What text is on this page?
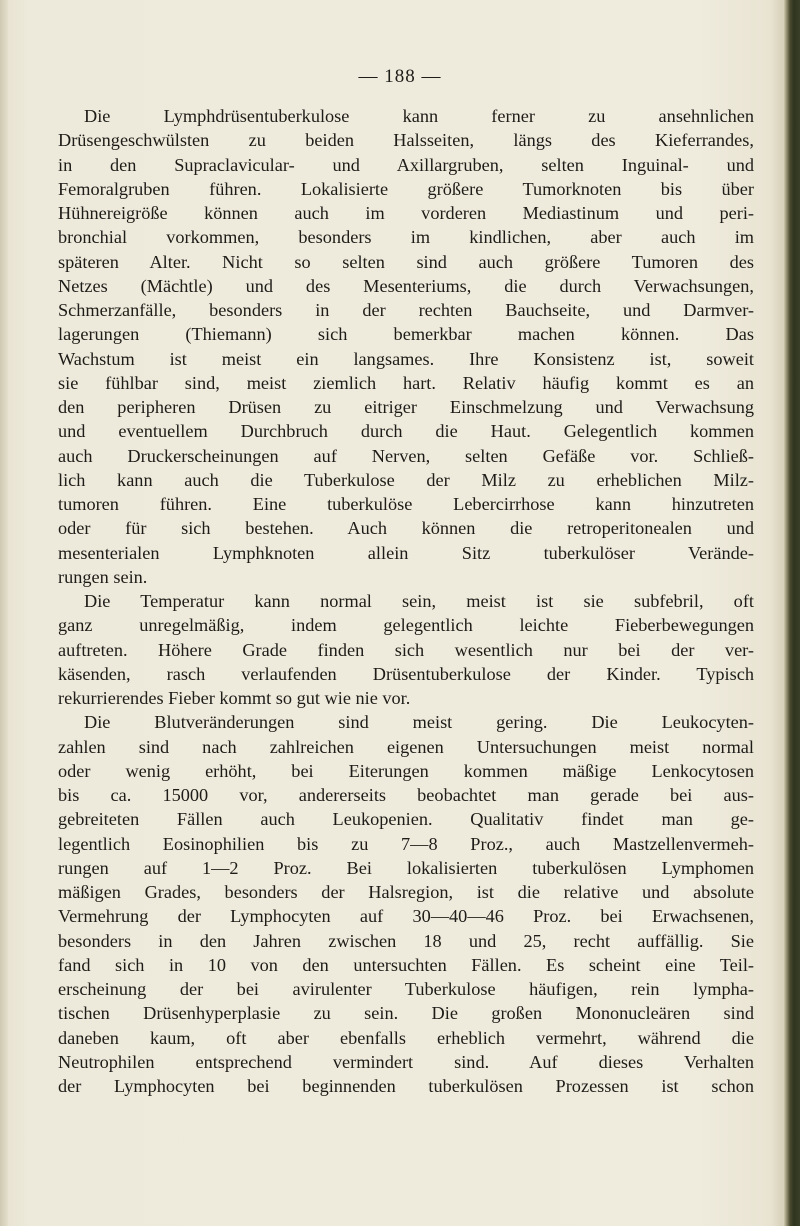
— 188 —
Die Lymphdrüsentuberkulose kann ferner zu ansehnlichen
Drüsengeschwülsten zu beiden Halsseiten, längs des Kieferrandes,
in den Supraclavicular- und Axillargruben, selten Inguinal- und
Femoralgruben führen. Lokalisierte größere Tumorknoten bis über
Hühnereigröße können auch im vorderen Mediastinum und peri-
bronchial vorkommen, besonders im kindlichen, aber auch im
späteren Alter. Nicht so selten sind auch größere Tumoren des
Netzes (Mächtle) und des Mesenteriums, die durch Verwachsungen,
Schmerzanfälle, besonders in der rechten Bauchseite, und Darmver-
lagerungen (Thiemann) sich bemerkbar machen können. Das
Wachstum ist meist ein langsames. Ihre Konsistenz ist, soweit
sie fühlbar sind, meist ziemlich hart. Relativ häufig kommt es an
den peripheren Drüsen zu eitriger Einschmelzung und Verwachsung
und eventuellem Durchbruch durch die Haut. Gelegentlich kommen
auch Druckerscheinungen auf Nerven, selten Gefäße vor. Schließ-
lich kann auch die Tuberkulose der Milz zu erheblichen Milz-
tumoren führen. Eine tuberkulöse Lebercirrhose kann hinzutreten
oder für sich bestehen. Auch können die retroperitonealen und
mesenterialen Lymphknoten allein Sitz tuberkulöser Verände-
rungen sein.
Die Temperatur kann normal sein, meist ist sie subfebril, oft
ganz unregelmäßig, indem gelegentlich leichte Fieberbewegungen
auftreten. Höhere Grade finden sich wesentlich nur bei der ver-
käsenden, rasch verlaufenden Drüsentuberkulose der Kinder. Typisch
rekurrierendes Fieber kommt so gut wie nie vor.
Die Blutveränderungen sind meist gering. Die Leukocyten-
zahlen sind nach zahlreichen eigenen Untersuchungen meist normal
oder wenig erhöht, bei Eiterungen kommen mäßige Lenkocytosen
bis ca. 15000 vor, andererseits beobachtet man gerade bei aus-
gebreiteten Fällen auch Leukopenien. Qualitativ findet man ge-
legentlich Eosinophilien bis zu 7—8 Proz., auch Mastzellenvermeh-
rungen auf 1—2 Proz. Bei lokalisierten tuberkulösen Lymphomen
mäßigen Grades, besonders der Halsregion, ist die relative und absolute
Vermehrung der Lymphocyten auf 30—40—46 Proz. bei Erwachsenen,
besonders in den Jahren zwischen 18 und 25, recht auffällig. Sie
fand sich in 10 von den untersuchten Fällen. Es scheint eine Teil-
erscheinung der bei avirulenter Tuberkulose häufigen, rein lympha-
tischen Drüsenhyperplasie zu sein. Die großen Mononucleären sind
daneben kaum, oft aber ebenfalls erheblich vermehrt, während die
Neutrophilen entsprechend vermindert sind. Auf dieses Verhalten
der Lymphocyten bei beginnenden tuberkulösen Prozessen ist schon
